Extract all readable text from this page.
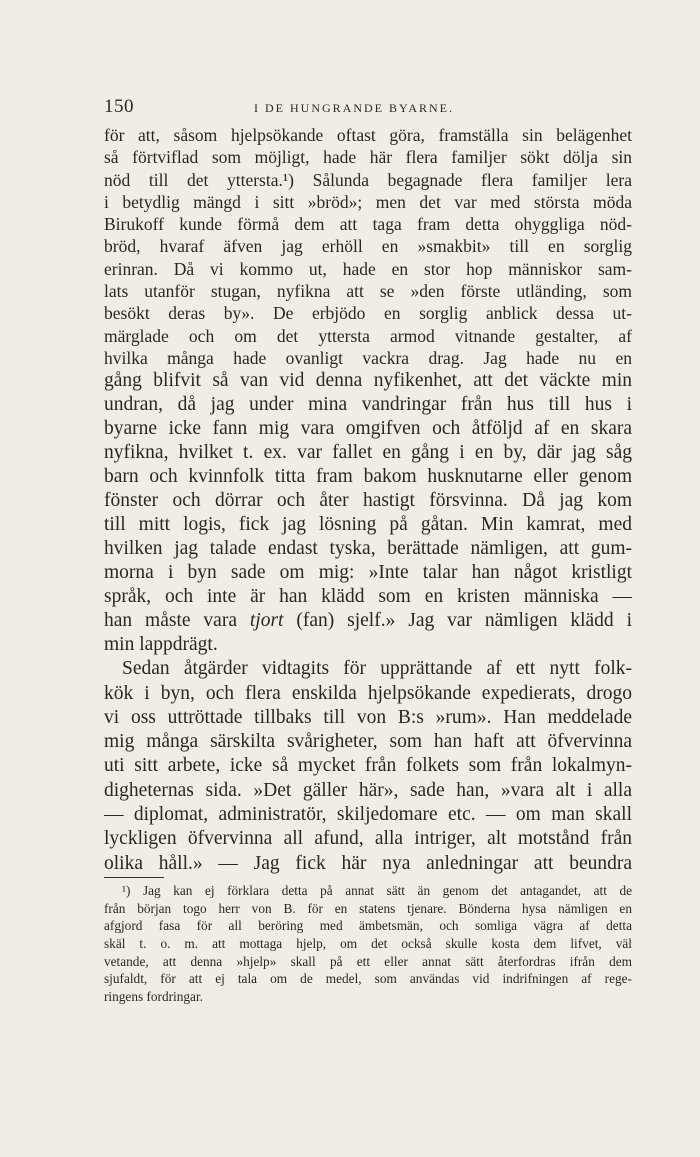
150	I DE HUNGRANDE BYARNE.
för att, såsom hjelpsökande oftast göra, framställa sin belägenhet
så förtviflad som möjligt, hade här flera familjer sökt dölja sin
nöd till det yttersta.¹) Sålunda begagnade flera familjer lera
i betydlig mängd i sitt »bröd»; men det var med största möda
Birukoff kunde förmå dem att taga fram detta ohyggliga nöd-
bröd, hvaraf äfven jag erhöll en »smakbit» till en sorglig
erinran. Då vi kommo ut, hade en stor hop människor sam-
lats utanför stugan, nyfikna att se »den förste utländing, som
besökt deras by». De erbjödo en sorglig anblick dessa ut-
märglade och om det yttersta armod vitnande gestalter, af
hvilka många hade ovanligt vackra drag. Jag hade nu en
gång blifvit så van vid denna nyfikenhet, att det väckte min
undran, då jag under mina vandringar från hus till hus i
byarne icke fann mig vara omgifven och åtföljd af en skara
nyfikna, hvilket t. ex. var fallet en gång i en by, där jag såg
barn och kvinnfolk titta fram bakom husknutarne eller genom
fönster och dörrar och åter hastigt försvinna. Då jag kom
till mitt logis, fick jag lösning på gåtan. Min kamrat, med
hvilken jag talade endast tyska, berättade nämligen, att gum-
morna i byn sade om mig: »Inte talar han något kristligt
språk, och inte är han klädd som en kristen människa —
han måste vara tjort (fan) sjelf.» Jag var nämligen klädd i
min lappdrägt.
Sedan åtgärder vidtagits för upprättande af ett nytt folk-
kök i byn, och flera enskilda hjelpsökande expedierats, drogo
vi oss uttröttade tillbaks till von B:s »rum». Han meddelade
mig många särskilta svårigheter, som han haft att öfvervinna
uti sitt arbete, icke så mycket från folkets som från lokalmyn-
digheternas sida. »Det gäller här», sade han, »vara alt i alla
— diplomat, administratör, skiljedomare etc. — om man skall
lyckligen öfvervinna all afund, alla intriger, alt motstånd från
olika håll.» — Jag fick här nya anledningar att beundra
¹) Jag kan ej förklara detta på annat sätt än genom det antagandet, att de
från början togo herr von B. för en statens tjenare. Bönderna hysa nämligen en
afgjord fasa för all beröring med ämbetsmän, och somliga vägra af detta
skäl t. o. m. att mottaga hjelp, om det också skulle kosta dem lifvet, väl
vetande, att denna »hjelp» skall på ett eller annat sätt återfordras ifrån dem
sjufaldt, för att ej tala om de medel, som användas vid indrifningen af rege-
ringens fordringar.
